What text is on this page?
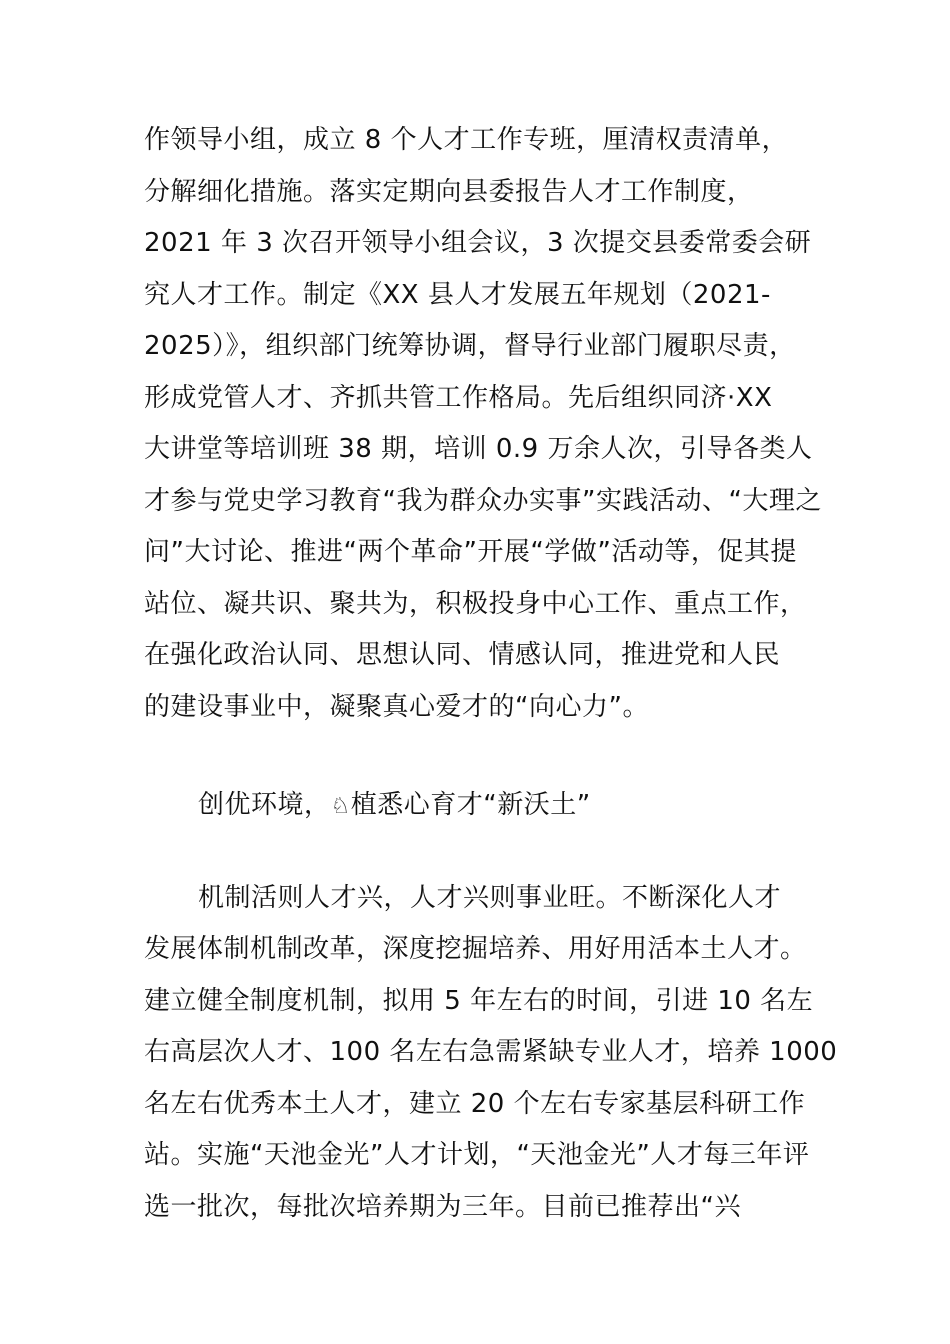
作领导小组，成立 8 个人才工作专班，厘清权责清单，
分解细化措施。落实定期向县委报告人才工作制度，
2021 年 3 次召开领导小组会议，3 次提交县委常委会研
究人才工作。制定《XX 县人才发展五年规划（2021-
2025）》，组织部门统筹协调，督导行业部门履职尽责，
形成党管人才、齐抓共管工作格局。先后组织同济·XX
大讲堂等培训班 38 期，培训 0.9 万余人次，引导各类人
才参与党史学习教育“我为群众办实事”实践活动、“大理之
问”大讨论、推进“两个革命”开展“学做”活动等，促其提
站位、凝共识、聚共为，积极投身中心工作、重点工作，
在强化政治认同、思想认同、情感认同，推进党和人民
的建设事业中，凝聚真心爱才的“向心力”。
创优环境，♘植悉心育才“新沃土”
机制活则人才兴，人才兴则事业旺。不断深化人才
发展体制机制改革，深度挖掘培养、用好用活本土人才。
建立健全制度机制，拟用 5 年左右的时间，引进 10 名左
右高层次人才、100 名左右急需紧缺专业人才，培养 1000
名左右优秀本土人才，建立 20 个左右专家基层科研工作
站。实施“天池金光”人才计划，“天池金光”人才每三年评
选一批次，每批次培养期为三年。目前已推荐出“兴
